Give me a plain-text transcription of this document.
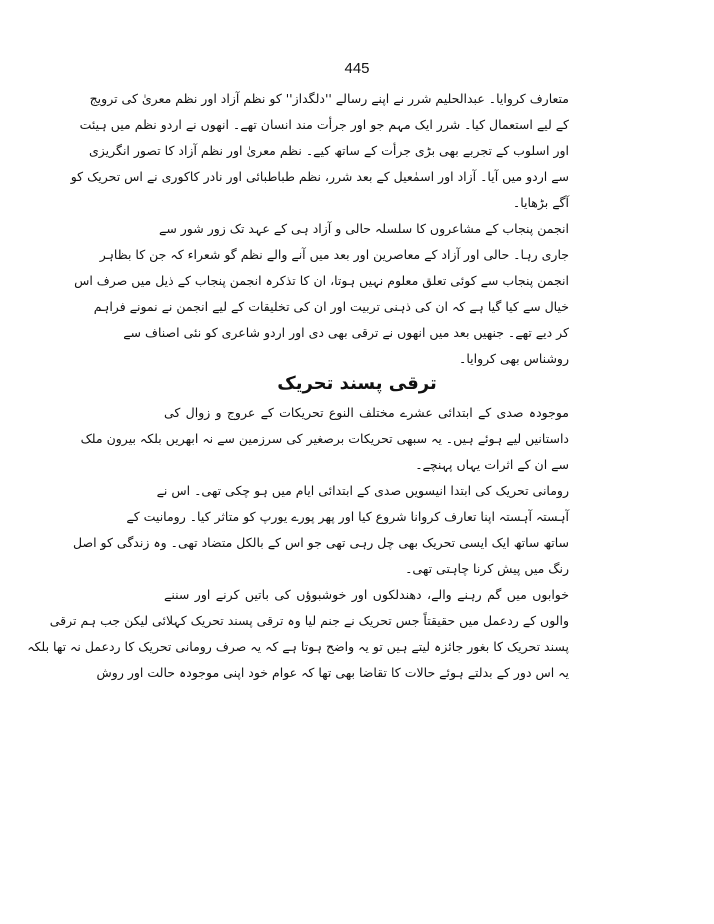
445
متعارف کروایا۔ عبدالحلیم شرر نے اپنے رسالے ''دلگداز'' کو نظم آزاد اور نظم معریٰ کی ترویج
کے لیے استعمال کیا۔ شرر ایک مہم جو اور جرأت مند انسان تھے۔ انھوں نے اردو نظم میں ہیئت
اور اسلوب کے تجربے بھی بڑی جرأت کے ساتھ کیے۔ نظم معریٰ اور نظم آزاد کا تصور انگریزی
سے اردو میں آیا۔ آزاد اور اسمٰعیل کے بعد شرر، نظم طباطبائی اور نادر کاکوری نے اس تحریک کو
آگے بڑھایا۔
انجمن پنجاب کے مشاعروں کا سلسلہ حالی و آزاد ہی کے عہد تک زور شور سے
جاری رہا۔ حالی اور آزاد کے معاصرین اور بعد میں آنے والے نظم گو شعراء کہ جن کا بظاہر
انجمن پنجاب سے کوئی تعلق معلوم نہیں ہوتا، ان کا تذکرہ انجمن پنجاب کے ذیل میں صرف اس
خیال سے کیا گیا ہے کہ ان کی ذہنی تربیت اور ان کی تخلیقات کے لیے انجمن نے نمونے فراہم
کر دیے تھے۔ جنھیں بعد میں انھوں نے ترقی بھی دی اور اردو شاعری کو نئی اصناف سے
روشناس بھی کروایا۔
ترقی پسند تحریک
موجودہ صدی کے ابتدائی عشرے مختلف النوع تحریکات کے عروج و زوال کی
داستانیں لیے ہوئے ہیں۔ یہ سبھی تحریکات برصغیر کی سرزمین سے نہ ابھریں بلکہ بیرون ملک
سے ان کے اثرات یہاں پہنچے۔
رومانی تحریک کی ابتدا انیسویں صدی کے ابتدائی ایام میں ہو چکی تھی۔ اس نے
آہستہ آہستہ اپنا تعارف کروانا شروع کیا اور پھر پورے یورپ کو متاثر کیا۔ رومانیت کے
ساتھ ساتھ ایک ایسی تحریک بھی چل رہی تھی جو اس کے بالکل متضاد تھی۔ وہ زندگی کو اصل
رنگ میں پیش کرنا چاہتی تھی۔
خوابوں میں گم رہنے والے، دھندلکوں اور خوشبوؤں کی باتیں کرنے اور سننے
والوں کے ردعمل میں حقیقتاً جس تحریک نے جنم لیا وہ ترقی پسند تحریک کہلائی لیکن جب ہم ترقی
پسند تحریک کا بغور جائزہ لیتے ہیں تو یہ واضح ہوتا ہے کہ یہ صرف رومانی تحریک کا ردعمل نہ تھا بلکہ
یہ اس دور کے بدلتے ہوئے حالات کا تقاضا بھی تھا کہ عوام خود اپنی موجودہ حالت اور روش
